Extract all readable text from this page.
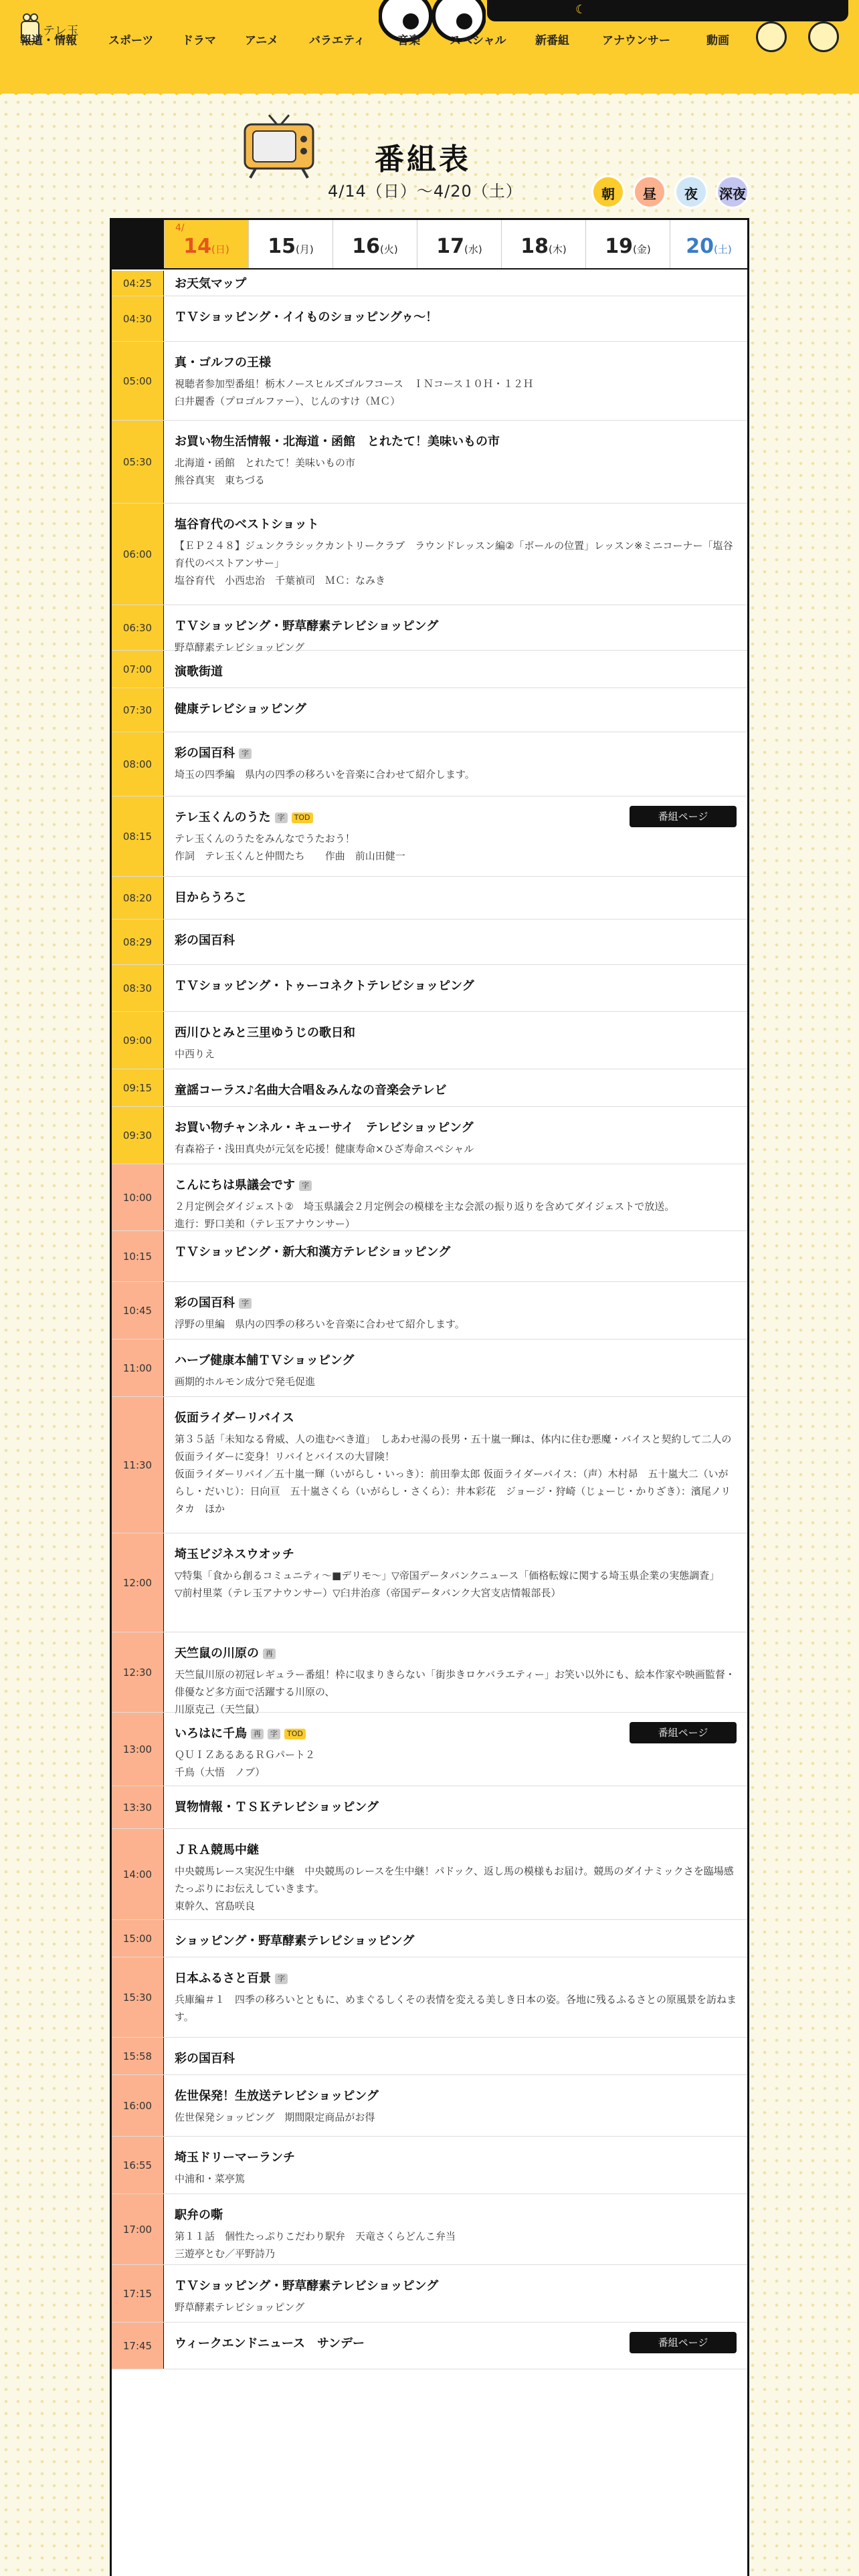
テレ玉
☾
報道・情報	スポーツ	ドラマ	アニメ	バラエティ	音楽	スペシャル	新番組	アナウンサー	動画
番組表
4/14（日）〜4/20（土）	朝	昼	夜	深夜
4/
14(日)	15(月)	16(火)	17(水)	18(木)	19(金)	20(土)
04:25	お天気マップ
04:30	ＴＶショッピング・イイものショッピングゥ〜！
05:00
真・ゴルフの王様
視聴者参加型番組！栃木ノースヒルズゴルフコース　ＩＮコース１０Ｈ・１２Ｈ
臼井麗香（プロゴルファー）、じんのすけ（ＭＣ）
05:30
お買い物生活情報・北海道・函館　とれたて！美味いもの市
北海道・函館　とれたて！美味いもの市
熊谷真実　東ちづる
06:00
塩谷育代のベストショット
【ＥＰ２４８】ジュンクラシックカントリークラブ　ラウンドレッスン編②「ボールの位置」レッスン※ミニコーナー「塩谷育代のベストアンサー」
塩谷育代　小西忠治　千葉禎司　ＭＣ：なみき
06:30	ＴＶショッピング・野草酵素テレビショッピング
野草酵素テレビショッピング
07:00	演歌街道
07:30	健康テレビショッピング
08:00
彩の国百科 字
埼玉の四季編　県内の四季の移ろいを音楽に合わせて紹介します。
08:15
テレ玉くんのうた 字 TOD
テレ玉くんのうたをみんなでうたおう！
作詞　テレ玉くんと仲間たち　　作曲　前山田健一
番組ページ
08:20	目からうろこ
08:29	彩の国百科
08:30	ＴＶショッピング・トゥーコネクトテレビショッピング
09:00
西川ひとみと三里ゆうじの歌日和
中西りえ
09:15	童謡コーラス♪名曲大合唱＆みんなの音楽会テレビ
09:30
お買い物チャンネル・キューサイ　テレビショッピング
有森裕子・浅田真央が元気を応援！健康寿命×ひざ寿命スペシャル
10:00
こんにちは県議会です 字
２月定例会ダイジェスト②　埼玉県議会２月定例会の模様を主な会派の振り返りを含めてダイジェストで放送。
進行：野口美和（テレ玉アナウンサー）
10:15	ＴＶショッピング・新大和漢方テレビショッピング
10:45
彩の国百科 字
浮野の里編　県内の四季の移ろいを音楽に合わせて紹介します。
11:00
ハーブ健康本舗ＴＶショッピング
画期的ホルモン成分で発毛促進
11:30
仮面ライダーリバイス
第３５話「未知なる脅威、人の進むべき道」　しあわせ湯の長男・五十嵐一輝は、体内に住む悪魔・バイスと契約して二人の仮面ライダーに変身！リバイとバイスの大冒険！
仮面ライダーリバイ／五十嵐一輝（いがらし・いっき）：前田拳太郎 仮面ライダーバイス：（声）木村昴　五十嵐大二（いがらし・だいじ）：日向亘　五十嵐さくら（いがらし・さくら）：井本彩花　ジョージ・狩崎（じょーじ・かりざき）：濱尾ノリタカ　ほか
12:00
埼玉ビジネスウオッチ
▽特集「食から創るコミュニティ〜■デリモ〜」▽帝国データバンクニュース「価格転嫁に関する埼玉県企業の実態調査」
▽前村里菜（テレ玉アナウンサー）▽臼井治彦（帝国データバンク大宮支店情報部長）
12:30
天竺鼠の川原の 再
天竺鼠川原の初冠レギュラー番組！枠に収まりきらない「街歩きロケバラエティー」お笑い以外にも、絵本作家や映画監督・俳優など多方面で活躍する川原の、
川原克己（天竺鼠）
13:00
いろはに千鳥 再 字 TOD
ＱＵＩＺあるあるＲＧパート２
千鳥（大悟　ノブ）
番組ページ
13:30	買物情報・ＴＳＫテレビショッピング
14:00
ＪＲＡ競馬中継
中央競馬レース実況生中継　中央競馬のレースを生中継！パドック、返し馬の模様もお届け。競馬のダイナミックさを臨場感たっぷりにお伝えしていきます。
東幹久、宮島咲良
15:00	ショッピング・野草酵素テレビショッピング
15:30
日本ふるさと百景 字
兵庫編＃１　四季の移ろいとともに、めまぐるしくその表情を変える美しき日本の姿。各地に残るふるさとの原風景を訪ねます。
15:58	彩の国百科
16:00
佐世保発！生放送テレビショッピング
佐世保発ショッピング　期間限定商品がお得
16:55
埼玉ドリーマーランチ
中浦和・菜亭篤
17:00
駅弁の嘶
第１１話　個性たっぷりこだわり駅弁　天竜さくらどんこ弁当
三遊亭とむ／平野詩乃
17:15
ＴＶショッピング・野草酵素テレビショッピング
野草酵素テレビショッピング
17:45	ウィークエンドニュース　サンデー	番組ページ
